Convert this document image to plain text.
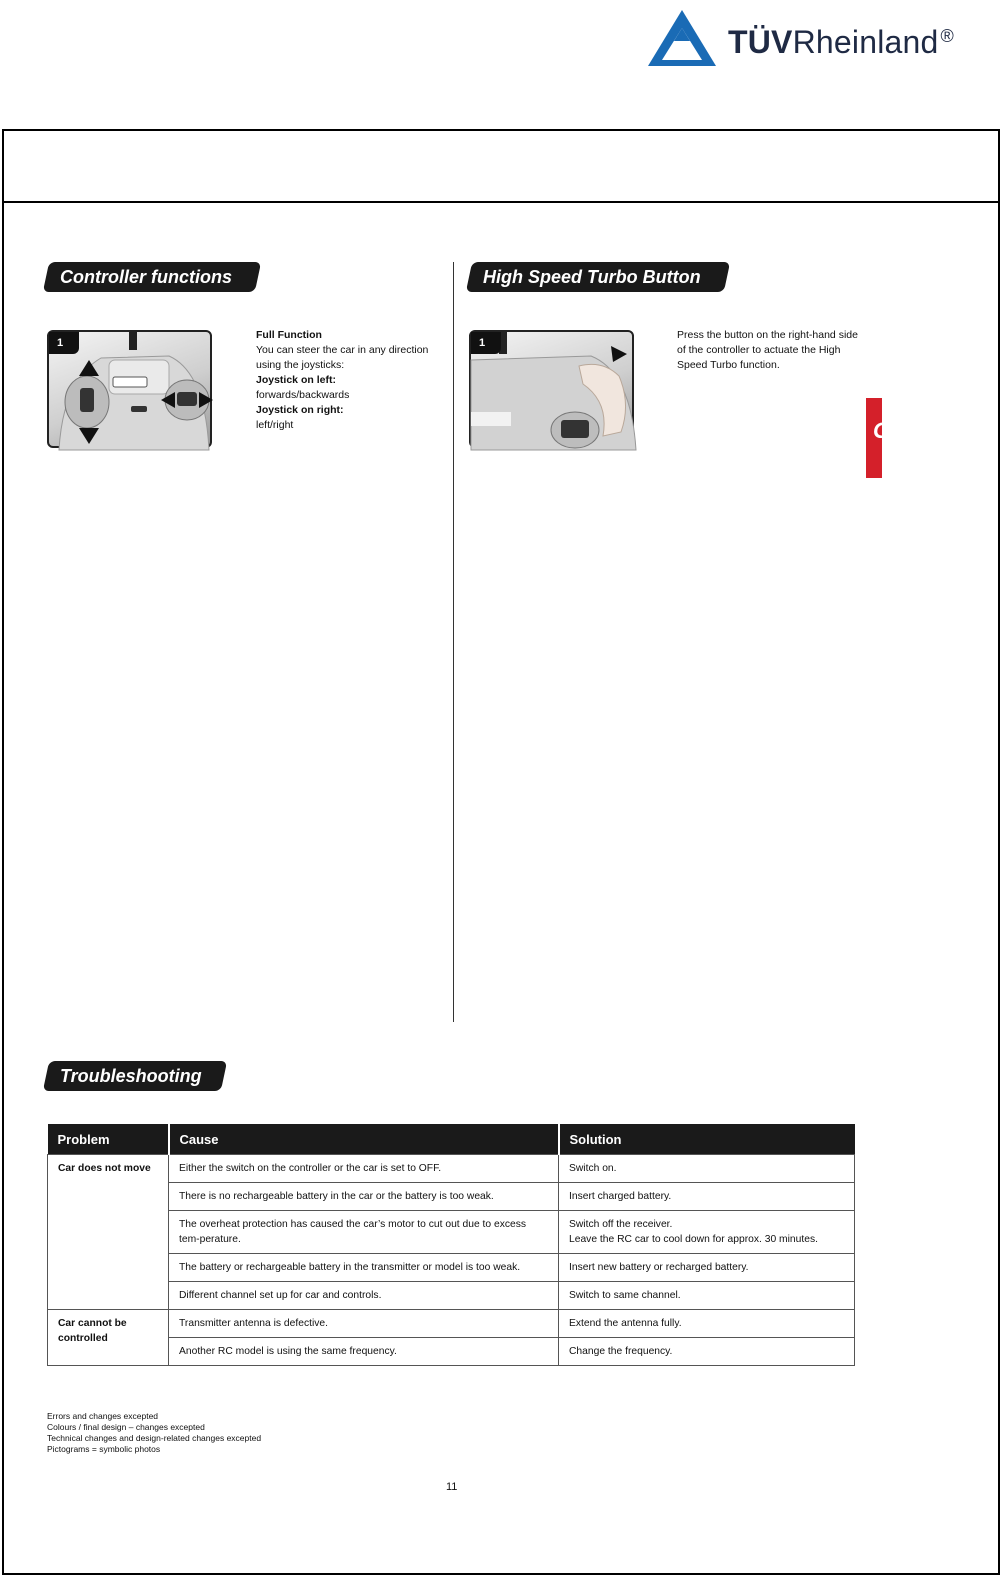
TÜVRheinland ®
Controller functions	High Speed Turbo Button
1
Full Function
You can steer the car in any direction
using the joysticks:
Joystick on left:
forwards/backwards
Joystick on right:
left/right
1
Press the button on the right-hand side
of the controller to actuate the High
Speed Turbo function.
G
Troubleshooting
Problem	Cause	Solution
Car does not move	Either the switch on the controller or the car is set to OFF.	Switch on.
	There is no rechargeable battery in the car or the battery is too weak.	Insert charged battery.
	The overheat protection has caused the car’s motor to cut out due to excess tem-perature.	Switch off the receiver.
Leave the RC car to cool down for approx. 30 minutes.

	The battery or rechargeable battery in the transmitter or model is too weak.	Insert new battery or recharged battery.
	Different channel set up for car and controls.	Switch to same channel.
Car cannot be controlled	Transmitter antenna is defective.	Extend the antenna fully.
	Another RC model is using the same frequency.	Change the frequency.
Errors and changes excepted
Colours / final design – changes excepted
Technical changes and design-related changes excepted
Pictograms = symbolic photos
11
